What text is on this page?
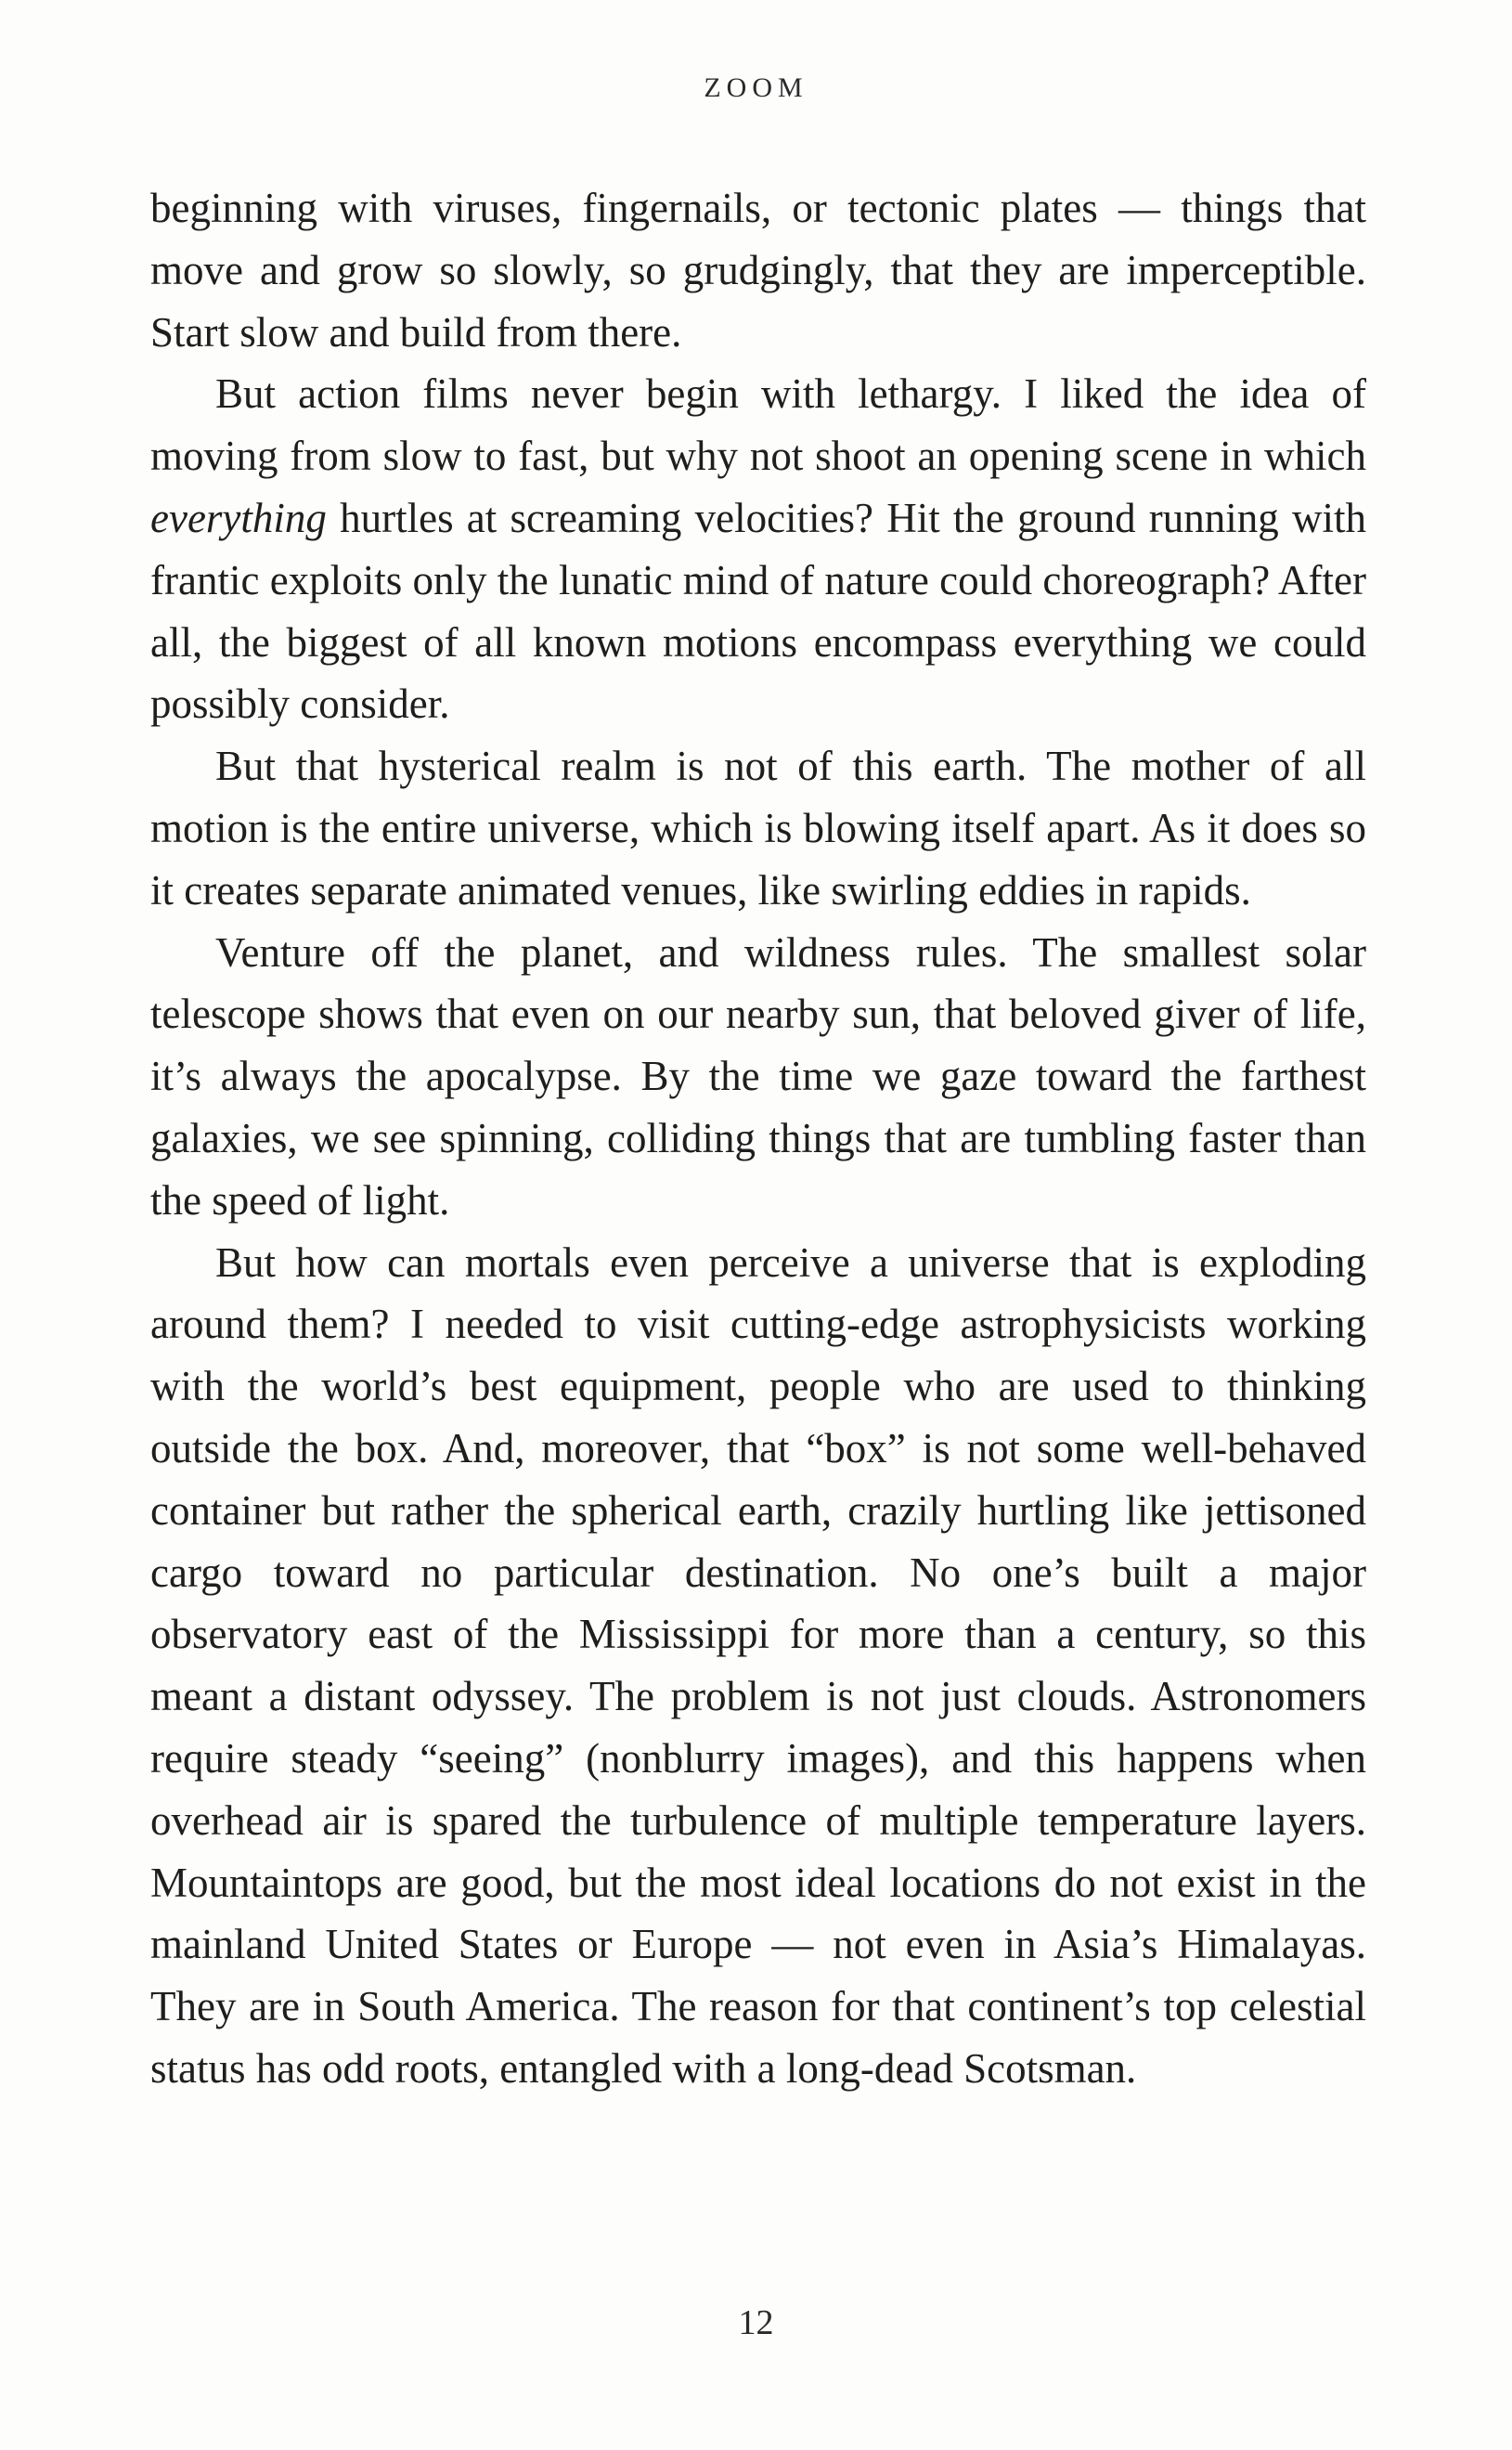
ZOOM

beginning with viruses, fingernails, or tectonic plates — things that move and grow so slowly, so grudgingly, that they are imperceptible. Start slow and build from there.

But action films never begin with lethargy. I liked the idea of moving from slow to fast, but why not shoot an opening scene in which everything hurtles at screaming velocities? Hit the ground running with frantic exploits only the lunatic mind of nature could choreograph? After all, the biggest of all known motions encompass everything we could possibly consider.

But that hysterical realm is not of this earth. The mother of all motion is the entire universe, which is blowing itself apart. As it does so it creates separate animated venues, like swirling eddies in rapids.

Venture off the planet, and wildness rules. The smallest solar telescope shows that even on our nearby sun, that beloved giver of life, it’s always the apocalypse. By the time we gaze toward the farthest galaxies, we see spinning, colliding things that are tumbling faster than the speed of light.

But how can mortals even perceive a universe that is exploding around them? I needed to visit cutting-edge astrophysicists working with the world’s best equipment, people who are used to thinking outside the box. And, moreover, that “box” is not some well-behaved container but rather the spherical earth, crazily hurtling like jettisoned cargo toward no particular destination. No one’s built a major observatory east of the Mississippi for more than a century, so this meant a distant odyssey. The problem is not just clouds. Astronomers require steady “seeing” (nonblurry images), and this happens when overhead air is spared the turbulence of multiple temperature layers. Mountaintops are good, but the most ideal locations do not exist in the mainland United States or Europe — not even in Asia’s Himalayas. They are in South America. The reason for that continent’s top celestial status has odd roots, entangled with a long-dead Scotsman.

12
